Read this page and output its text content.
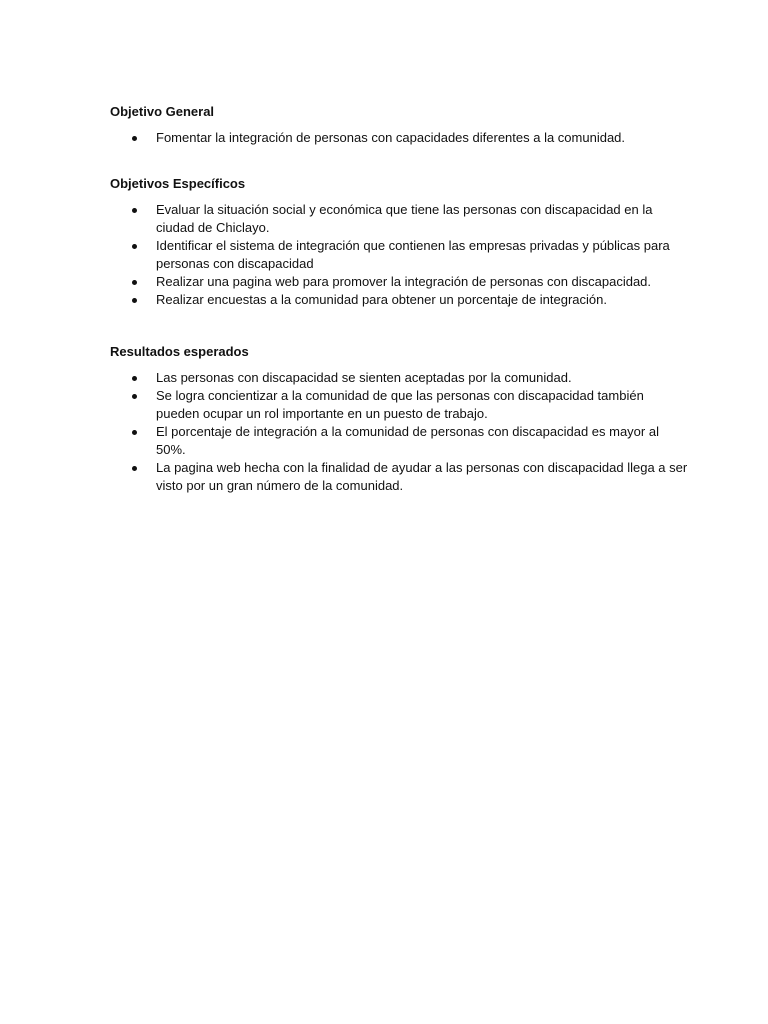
Objetivo General
Fomentar la integración de personas con capacidades diferentes a la comunidad.
Objetivos Específicos
Evaluar la situación social y económica que tiene las personas con discapacidad en la ciudad de Chiclayo.
Identificar el sistema de integración que contienen las empresas privadas y públicas para personas con discapacidad
Realizar una pagina web para promover la integración de personas con discapacidad.
Realizar encuestas a la comunidad para obtener un porcentaje de integración.
Resultados esperados
Las personas con discapacidad se sienten aceptadas por la comunidad.
Se logra concientizar a la comunidad de que las personas con discapacidad también pueden ocupar un rol importante en un puesto de trabajo.
El porcentaje de integración a la comunidad de personas con discapacidad es mayor al 50%.
La pagina web hecha con la finalidad de ayudar a las personas con discapacidad llega a ser visto por un gran número de la comunidad.
